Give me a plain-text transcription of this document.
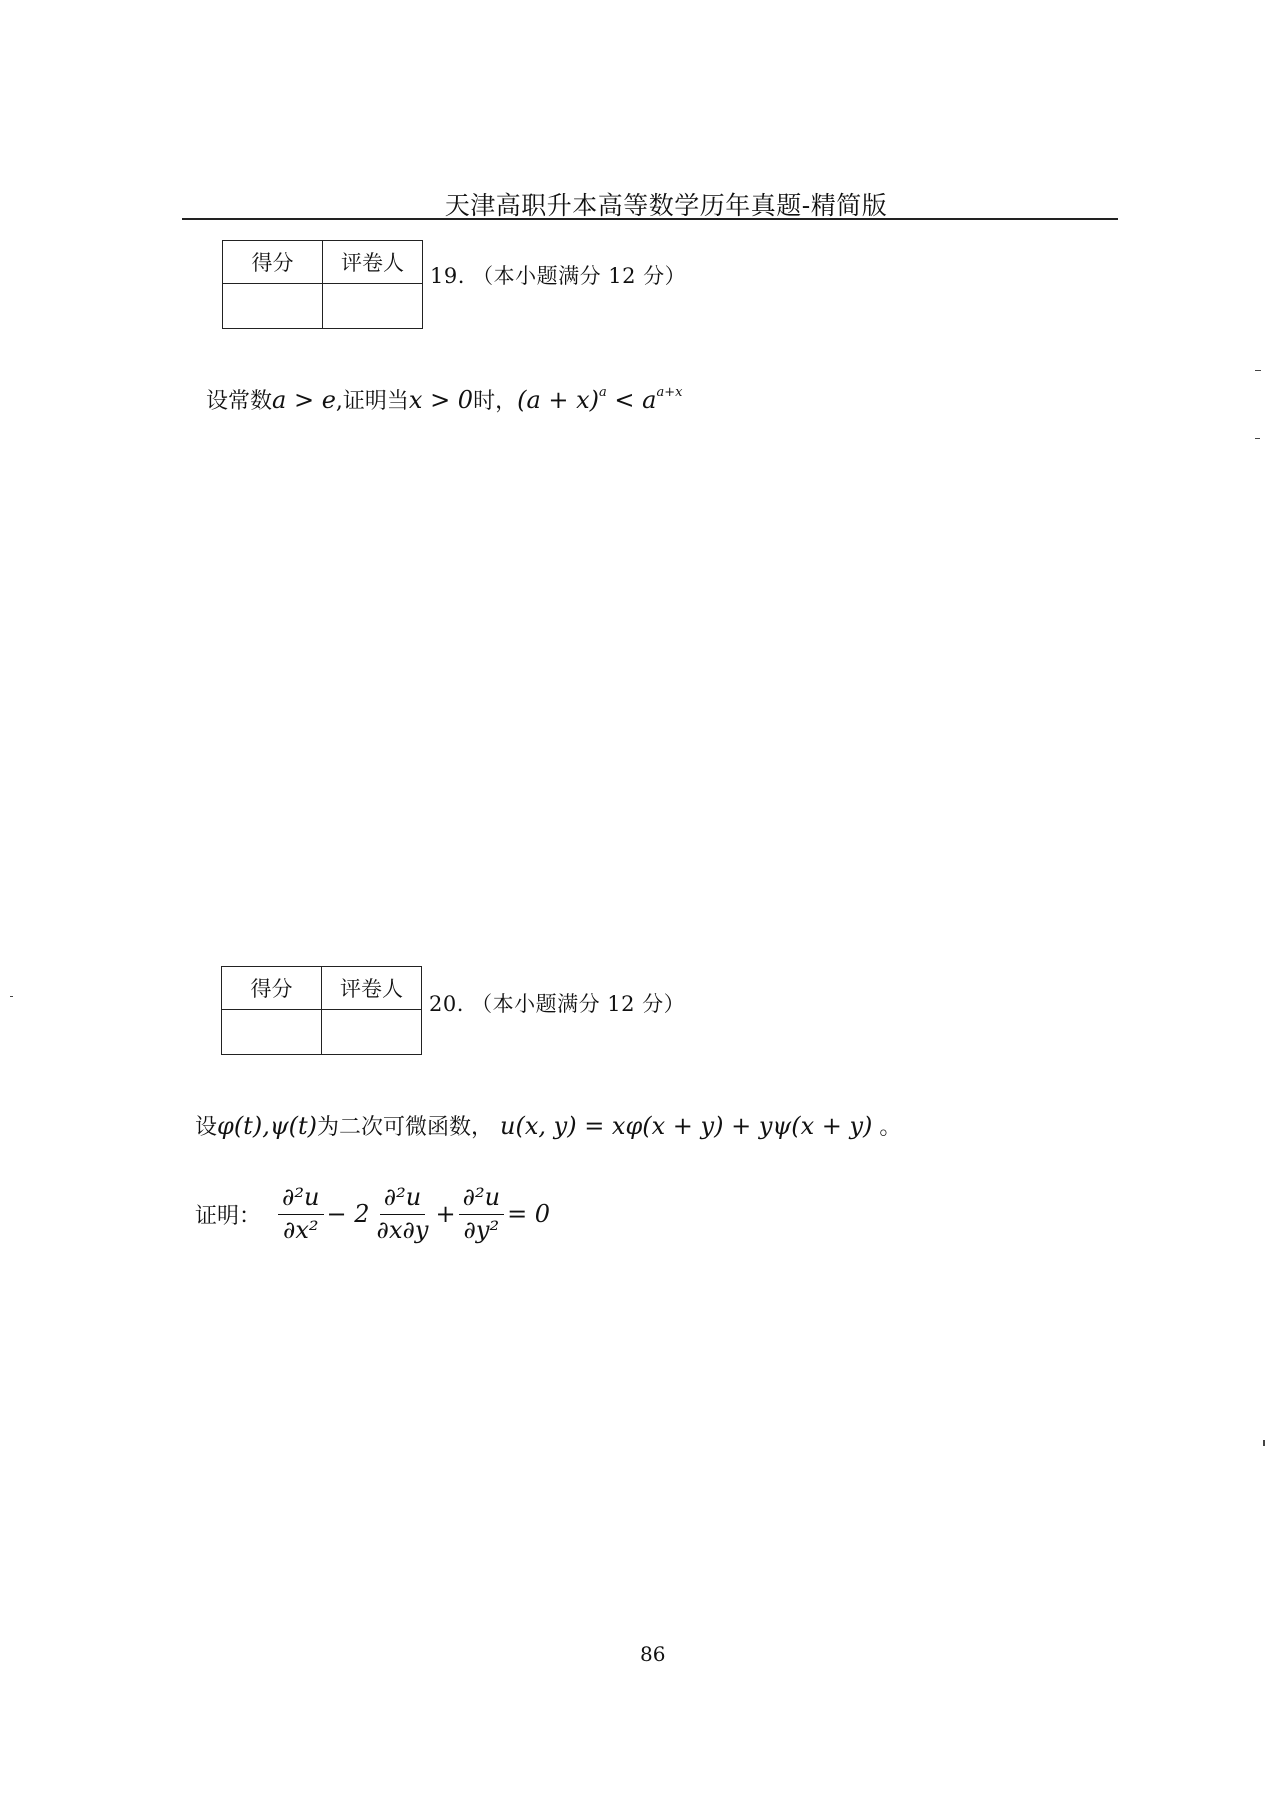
天津高职升本高等数学历年真题-精简版
得分	评卷人

19. （本小题满分 12 分）
设常数a > e,证明当x > 0时，$(a + x)^a < a^{a+x}$
得分	评卷人

20. （本小题满分 12 分）
设φ(t),ψ(t)为二次可微函数， u(x, y) = xφ(x + y) + yψ(x + y) 。
证明： $\frac{\text{∂²u}}{\text{∂x²}} - 2 \frac{\text{∂²u}}{\partial x\partial y} + \frac{\text{∂²u}}{\text{∂y²}} = 0$
86
